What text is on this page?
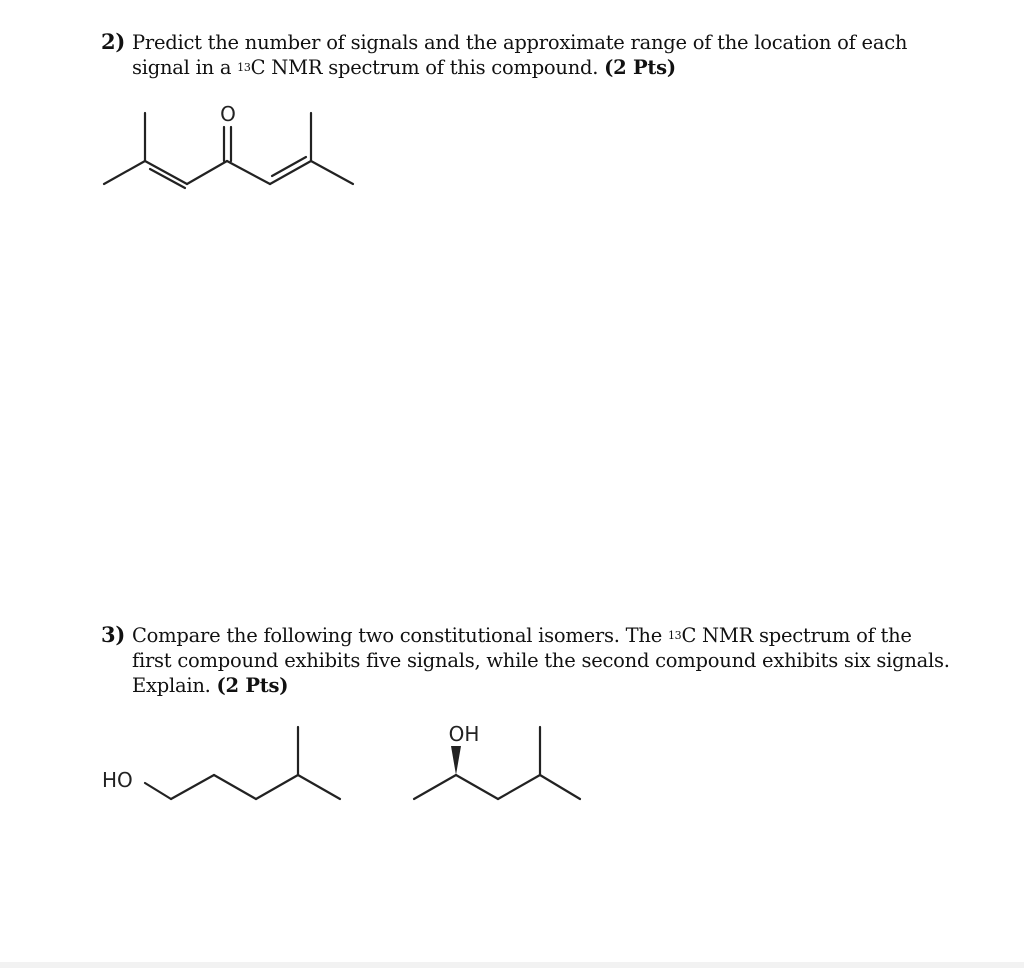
2) Predict the number of signals and the approximate range of the location of each
signal in a $^{13}$C NMR spectrum of this compound. (2 Pts)
O
HO
OH
3) Compare the following two constitutional isomers. The $^{13}$C NMR spectrum of the
first compound exhibits five signals, while the second compound exhibits six signals.
Explain. (2 Pts)
